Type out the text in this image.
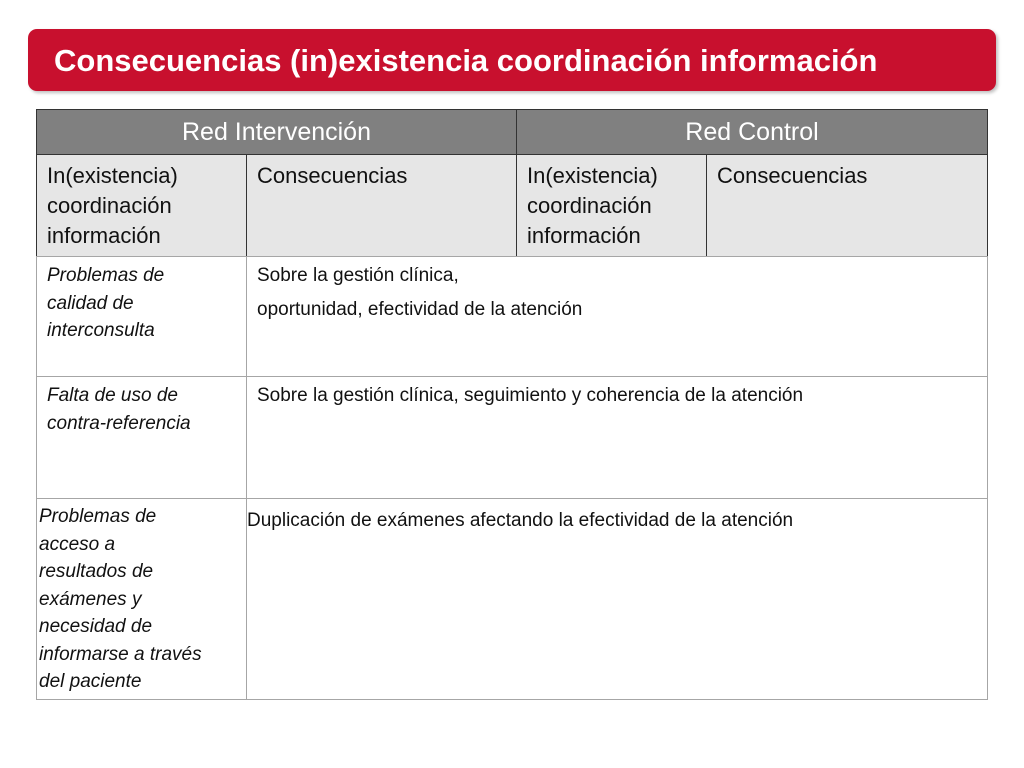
Consecuencias (in)existencia coordinación información
Red Intervención	Red Control
In(existencia)
coordinación
información
Consecuencias	In(existencia)
coordinación
información
Consecuencias
Problemas de
calidad de
interconsulta
Sobre la gestión clínica,
oportunidad, efectividad de la atención
Falta de uso de
contra-referencia
Sobre la gestión clínica, seguimiento y coherencia de la atención
Problemas de
acceso a
resultados de
exámenes y
necesidad de
informarse a través
del paciente
Duplicación de exámenes afectando la efectividad de la atención
